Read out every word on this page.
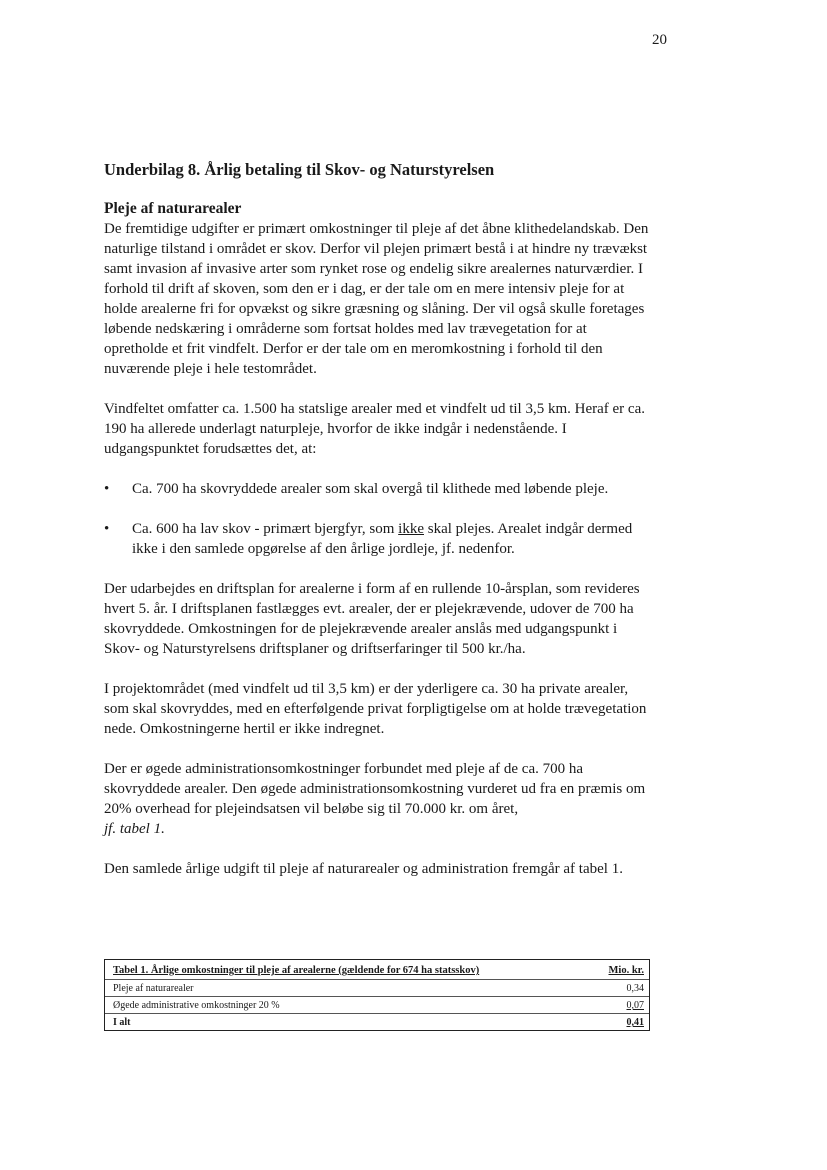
20
Underbilag 8. Årlig betaling til Skov- og Naturstyrelsen
Pleje af naturarealer

De fremtidige udgifter er primært omkostninger til pleje af det åbne klithedelandskab. Den naturlige tilstand i området er skov. Derfor vil plejen primært bestå i at hindre ny trævækst samt invasion af invasive arter som rynket rose og endelig sikre arealernes naturværdier. I forhold til drift af skoven, som den er i dag, er der tale om en mere intensiv pleje for at holde arealerne fri for opvækst og sikre græsning og slåning. Der vil også skulle foretages løbende nedskæring i områderne som fortsat holdes med lav trævegetation for at opretholde et frit vindfelt. Derfor er der tale om en meromkostning i forhold til den nuværende pleje i hele testområdet.

Vindfeltet omfatter ca. 1.500 ha statslige arealer med et vindfelt ud til 3,5 km. Heraf er ca. 190 ha allerede underlagt naturpleje, hvorfor de ikke indgår i nedenstående. I udgangspunktet forudsættes det, at:

• Ca. 700 ha skovryddede arealer som skal overgå til klithede med løbende pleje.
• Ca. 600 ha lav skov - primært bjergfyr, som ikke skal plejes. Arealet indgår dermed ikke i den samlede opgørelse af den årlige jordleje, jf. nedenfor.

Der udarbejdes en driftsplan for arealerne i form af en rullende 10-årsplan, som revideres hvert 5. år. I driftsplanen fastlægges evt. arealer, der er plejekrævende, udover de 700 ha skovryddede. Omkostningen for de plejekrævende arealer anslås med udgangspunkt i Skov- og Naturstyrelsens driftsplaner og driftserfaringer til 500 kr./ha.

I projektområdet (med vindfelt ud til 3,5 km) er der yderligere ca. 30 ha private arealer, som skal skovryddes, med en efterfølgende privat forpligtigelse om at holde trævegetation nede. Omkostningerne hertil er ikke indregnet.

Der er øgede administrationsomkostninger forbundet med pleje af de ca. 700 ha skovryddede arealer. Den øgede administrationsomkostning vurderet ud fra en præmis om 20% overhead for plejeindsatsen vil beløbe sig til 70.000 kr. om året,
jf. tabel 1.

Den samlede årlige udgift til pleje af naturarealer og administration fremgår af tabel 1.

Tabel 1. Årlige omkostninger til pleje af arealerne (gældende for 674 ha statsskov)	Mio. kr.
Pleje af naturarealer	0,34
Øgede administrative omkostninger 20 %	0,07
I alt	0,41
